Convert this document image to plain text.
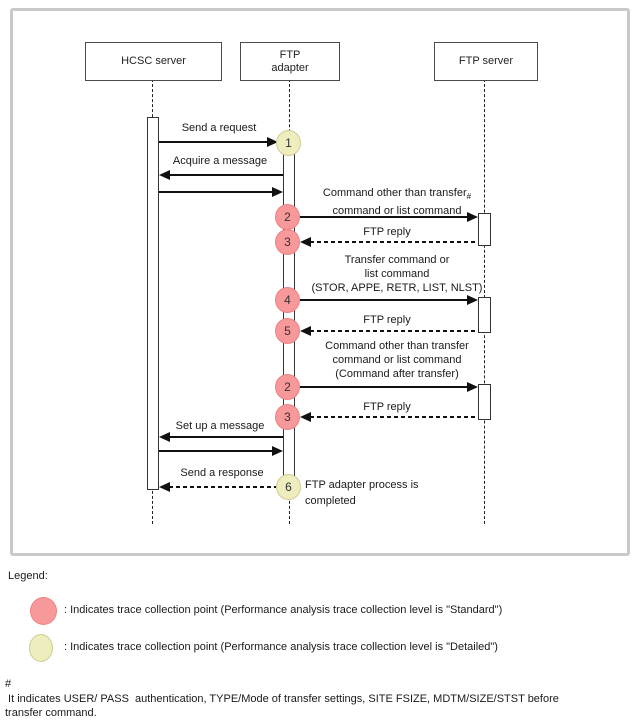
HCSC server
FTP
adapter
FTP server
Send a request
Acquire a message
Command other than transfer$_{\#}$
command or list command
FTP reply
Transfer command or
list command
(STOR, APPE, RETR, LIST, NLST)
FTP reply
Command other than transfer
command or list command
(Command after transfer)
FTP reply
Set up a message
Send a response
1
2
3
4
5
2
3
6	FTP adapter process is
completed
Legend:
: Indicates trace collection point (Performance analysis trace collection level is "Standard")
: Indicates trace collection point (Performance analysis trace collection level is "Detailed")
#
It indicates USER/ PASS  authentication, TYPE/Mode of transfer settings, SITE FSIZE, MDTM/SIZE/STST before
transfer command.
